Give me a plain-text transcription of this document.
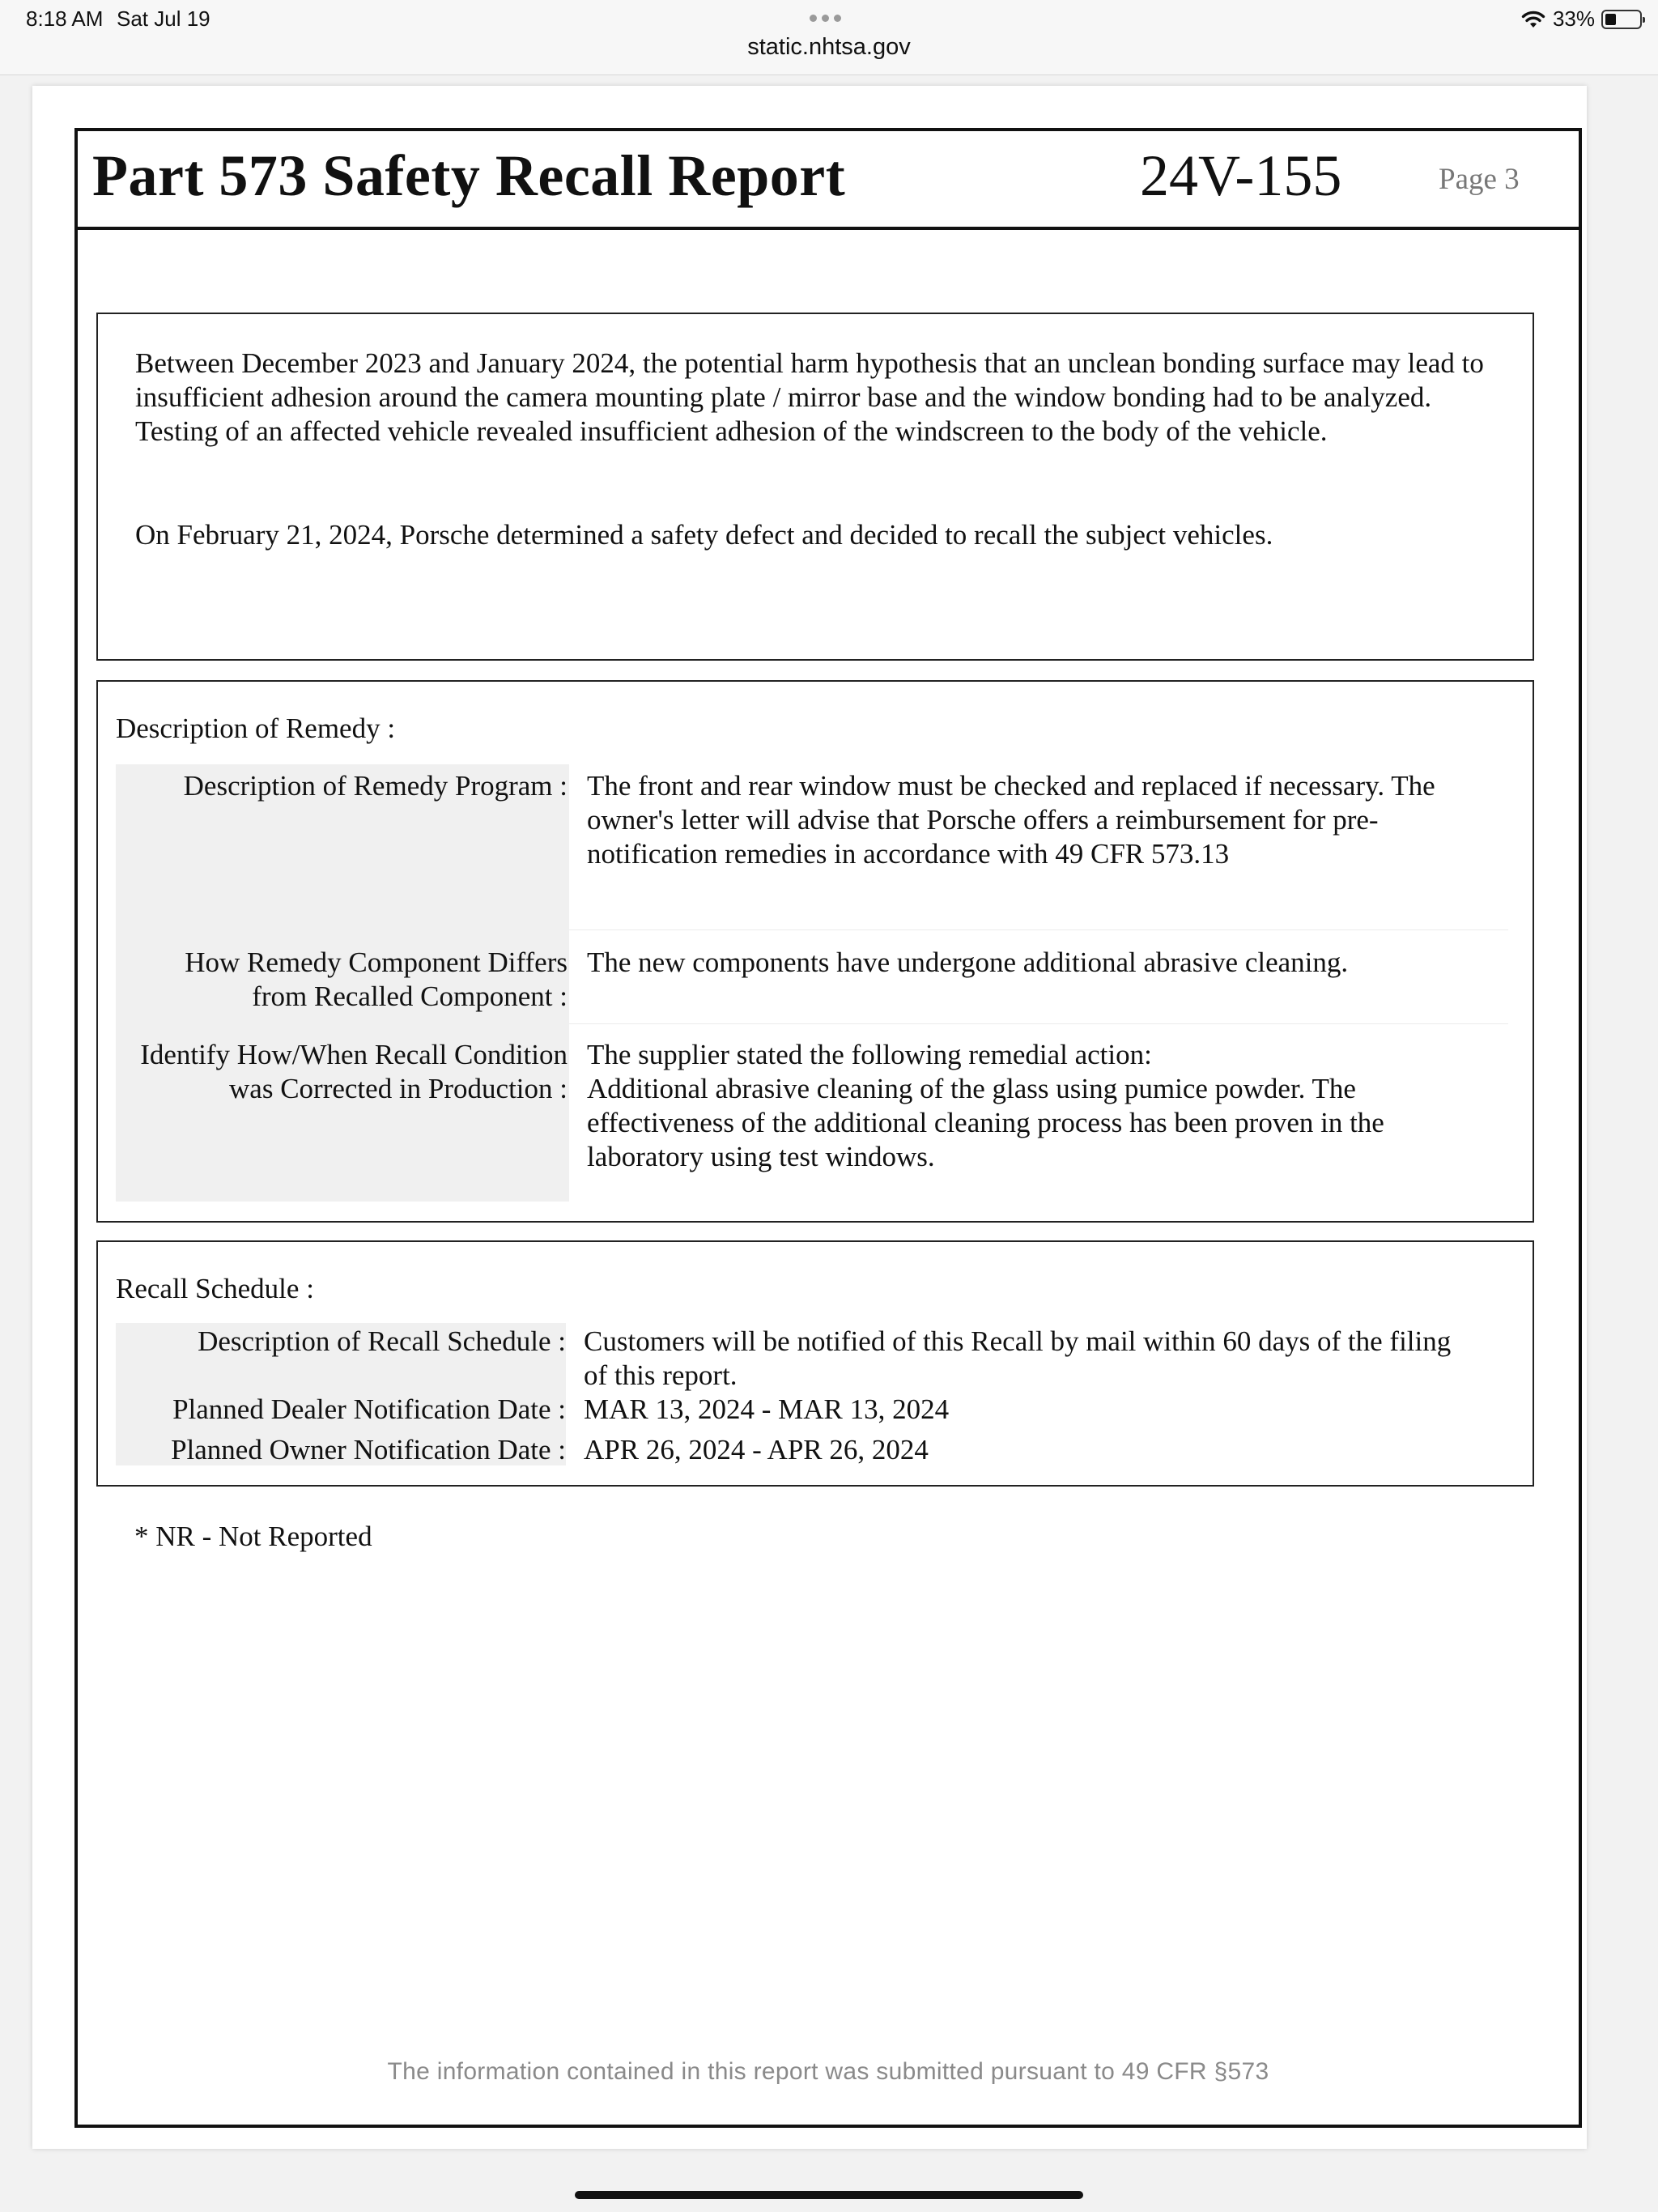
8:18 AM Sat Jul 19
static.nhtsa.gov
33%
Part 573 Safety Recall Report	24V-155	Page 3
Between December 2023 and January 2024, the potential harm hypothesis that an unclean bonding surface may lead to insufficient adhesion around the camera mounting plate / mirror base and the window bonding had to be analyzed. Testing of an affected vehicle revealed insufficient adhesion of the windscreen to the body of the vehicle.
On February 21, 2024, Porsche determined a safety defect and decided to recall the subject vehicles.
Description of Remedy :
Description of Remedy Program : The front and rear window must be checked and replaced if necessary. The owner's letter will advise that Porsche offers a reimbursement for pre-notification remedies in accordance with 49 CFR 573.13
How Remedy Component Differs
from Recalled Component :
The new components have undergone additional abrasive cleaning.
Identify How/When Recall Condition
was Corrected in Production :
The supplier stated the following remedial action:
Additional abrasive cleaning of the glass using pumice powder. The effectiveness of the additional cleaning process has been proven in the laboratory using test windows.
Recall Schedule :
Description of Recall Schedule : Customers will be notified of this Recall by mail within 60 days of the filing of this report.
Planned Dealer Notification Date : MAR 13, 2024 - MAR 13, 2024
Planned Owner Notification Date : APR 26, 2024 - APR 26, 2024
* NR - Not Reported
The information contained in this report was submitted pursuant to 49 CFR §573
